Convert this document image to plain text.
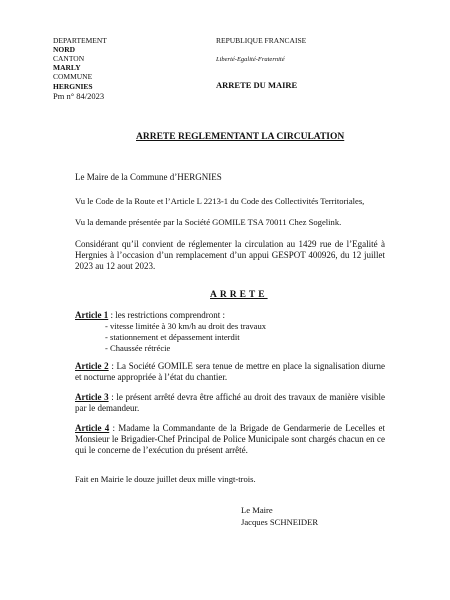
DEPARTEMENT
NORD
CANTON
MARLY
COMMUNE
HERGNIES
Pm n° 84/2023
REPUBLIQUE FRANCAISE
Liberté-Egalité-Fraternité
ARRETE DU MAIRE
ARRETE REGLEMENTANT LA CIRCULATION
Le Maire de la Commune d’HERGNIES
Vu le Code de la Route et l’Article L 2213-1 du Code des Collectivités Territoriales,
Vu la demande présentée par la Société GOMILE TSA 70011 Chez Sogelink.
Considérant qu’il convient de réglementer la circulation au 1429 rue de l’Egalité à Hergnies à l’occasion d’un remplacement d’un appui GESPOT 400926, du 12 juillet 2023 au 12 aout 2023.
ARRETE
Article 1 : les restrictions comprendront :
- vitesse limitée à 30 km/h au droit des travaux
- stationnement et dépassement interdit
- Chaussée rétrécie
Article 2 : La Société GOMILE sera tenue de mettre en place la signalisation diurne et nocturne appropriée à l’état du chantier.
Article 3 : le présent arrêté devra être affiché au droit des travaux de manière visible par le demandeur.
Article 4 : Madame la Commandante de la Brigade de Gendarmerie de Lecelles et Monsieur le Brigadier-Chef Principal de Police Municipale sont chargés chacun en ce qui le concerne de l’exécution du présent arrêté.
Fait en Mairie le douze juillet deux mille vingt-trois.
Le Maire
Jacques SCHNEIDER
